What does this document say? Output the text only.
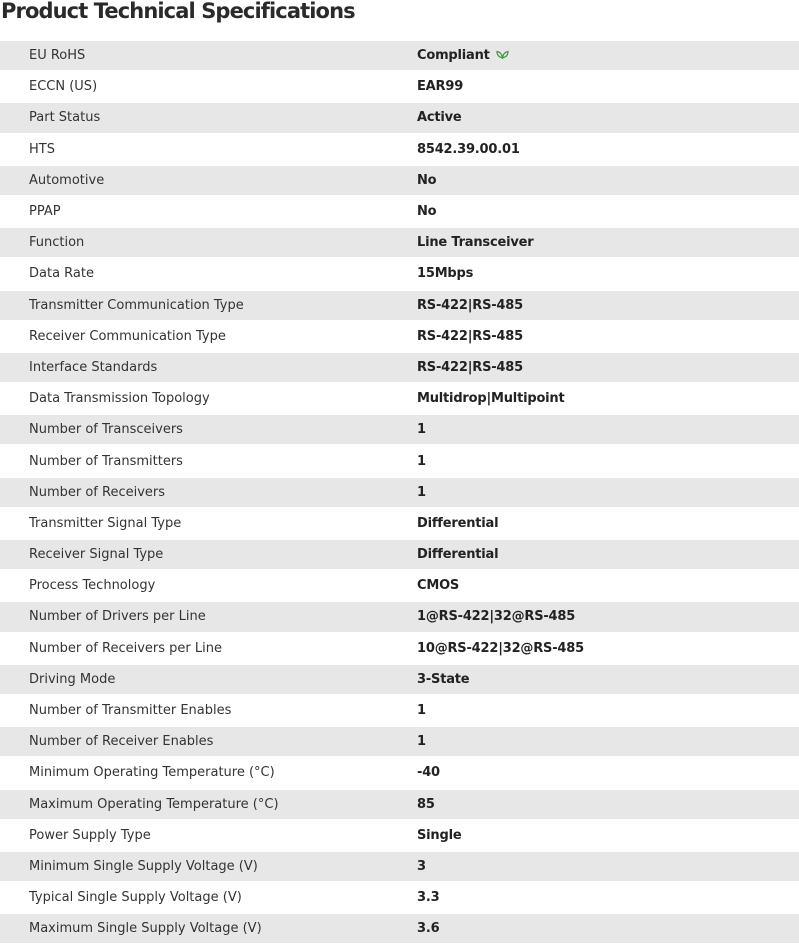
Product Technical Specifications
EU RoHS	Compliant
ECCN (US)	EAR99
Part Status	Active
HTS	8542.39.00.01
Automotive	No
PPAP	No
Function	Line Transceiver
Data Rate	15Mbps
Transmitter Communication Type	RS-422|RS-485
Receiver Communication Type	RS-422|RS-485
Interface Standards	RS-422|RS-485
Data Transmission Topology	Multidrop|Multipoint
Number of Transceivers	1
Number of Transmitters	1
Number of Receivers	1
Transmitter Signal Type	Differential
Receiver Signal Type	Differential
Process Technology	CMOS
Number of Drivers per Line	1@RS-422|32@RS-485
Number of Receivers per Line	10@RS-422|32@RS-485
Driving Mode	3-State
Number of Transmitter Enables	1
Number of Receiver Enables	1
Minimum Operating Temperature (°C)	-40
Maximum Operating Temperature (°C)	85
Power Supply Type	Single
Minimum Single Supply Voltage (V)	3
Typical Single Supply Voltage (V)	3.3
Maximum Single Supply Voltage (V)	3.6
